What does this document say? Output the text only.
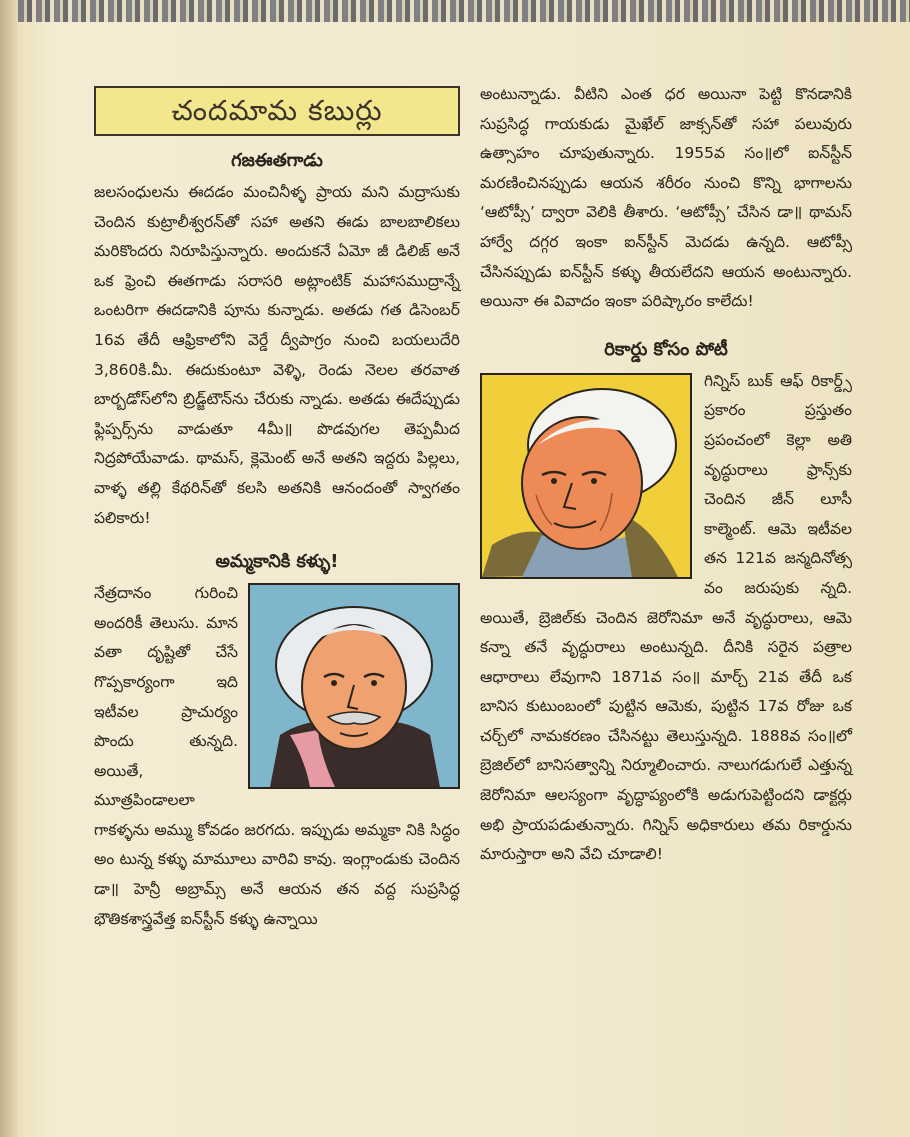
చందమామ కబుర్లు
గజఈతగాడు

జలసంధులను ఈదడం మంచినీళ్ళ ప్రాయ మని మద్రాసుకు చెందిన కుట్రాలీశ్వరన్‌తో సహా అతని ఈడు బాలబాలికలు మరికొందరు నిరూపిస్తున్నారు. అందుకనే ఏమో జీ డిలిజ్ అనే ఒక ఫ్రెంచి ఈతగాడు సరాసరి అట్లాంటిక్ మహాసముద్రాన్నే ఒంటరిగా ఈదడానికి పూను కున్నాడు. అతడు గత డిసెంబర్ 16వ తేదీ ఆఫ్రికాలోని వెర్డే ద్వీపాగ్రం నుంచి బయలుదేరి 3,860కి.మీ. ఈదుకుంటూ వెళ్ళి, రెండు నెలల తరవాత బార్బడోస్‌లోని బ్రిడ్జ్‌టౌన్‌ను చేరుకు న్నాడు. అతడు ఈదేప్పుడు ఫ్లిప్పర్స్‌ను వాడుతూ 4మీ॥ పొడవుగల తెప్పమీద నిద్రపోయేవాడు. థామస్, క్లెమెంట్ అనే అతని ఇద్దరు పిల్లలు, వాళ్ళ తల్లి కేథరిన్‌తో కలసి అతనికి ఆనందంతో స్వాగతం పలికారు!

అమ్మకానికి కళ్ళు!

నేత్రదానం గురించి అందరికీ తెలుసు. మాన వతా దృష్టితో చేసే గొప్పకార్యంగా ఇది ఇటీవల ప్రాచుర్యం పొందు తున్నది. అయితే, మూత్రపిండాలలా గాకళ్ళను అమ్ము కోవడం జరగదు. ఇప్పుడు అమ్మకా నికి సిద్ధం అం టున్న కళ్ళు మామూలు వారివి కావు. ఇంగ్లాండుకు చెందిన డా॥ హెన్రీ అబ్రామ్స్ అనే ఆయన తన వద్ద సుప్రసిద్ధ భౌతికశాస్త్రవేత్త ఐన్‌స్టీన్ కళ్ళు ఉన్నాయి

అంటున్నాడు. వీటిని ఎంత ధర అయినా పెట్టి కొనడానికి సుప్రసిద్ధ గాయకుడు మైఖేల్ జాక్సన్‌తో సహా పలువురు ఉత్సాహం చూపుతున్నారు. 1955వ సం॥లో ఐన్‌స్టీన్ మరణించినప్పుడు ఆయన శరీరం నుంచి కొన్ని భాగాలను ‘ఆటోప్సీ’ ద్వారా వెలికి తీశారు. ‘ఆటోప్సీ’ చేసిన డా॥ థామస్ హార్వే దగ్గర ఇంకా ఐన్‌స్టీన్ మెదడు ఉన్నది. ఆటోప్సీ చేసినప్పుడు ఐన్‌స్టీన్ కళ్ళు తీయలేదని ఆయన అంటున్నారు. అయినా ఈ వివాదం ఇంకా పరిష్కారం కాలేదు!

రికార్డు కోసం పోటీ

గిన్నిస్ బుక్ ఆఫ్ రికార్డ్స్ ప్రకారం ప్రస్తుతం ప్రపంచంలో కెల్లా అతి వృద్ధురాలు ఫ్రాన్స్‌కు చెందిన జీన్ లూసీ కాల్మెంట్. ఆమె ఇటీవల తన 121వ జన్మదినోత్స వం జరుపుకు న్నది. అయితే, బ్రెజిల్‌కు చెందిన జెరోనిమా అనే వృద్ధురాలు, ఆమె కన్నా తనే వృద్ధురాలు అంటున్నది. దీనికి సరైన పత్రాల ఆధారాలు లేవుగాని 1871వ సం॥ మార్చ్ 21వ తేదీ ఒక బానిస కుటుంబంలో పుట్టిన ఆమెకు, పుట్టిన 17వ రోజు ఒక చర్చ్‌లో నామకరణం చేసినట్టు తెలుస్తున్నది. 1888వ సం॥లో బ్రెజిల్‌లో బానిసత్వాన్ని నిర్మూలించారు. నాలుగడుగులే ఎత్తున్న జెరోనిమా ఆలస్యంగా వృద్ధాప్యంలోకి అడుగుపెట్టిందని డాక్టర్లు అభి ప్రాయపడుతున్నారు. గిన్నిస్ అధికారులు తమ రికార్డును మారుస్తారా అని వేచి చూడాలి!
